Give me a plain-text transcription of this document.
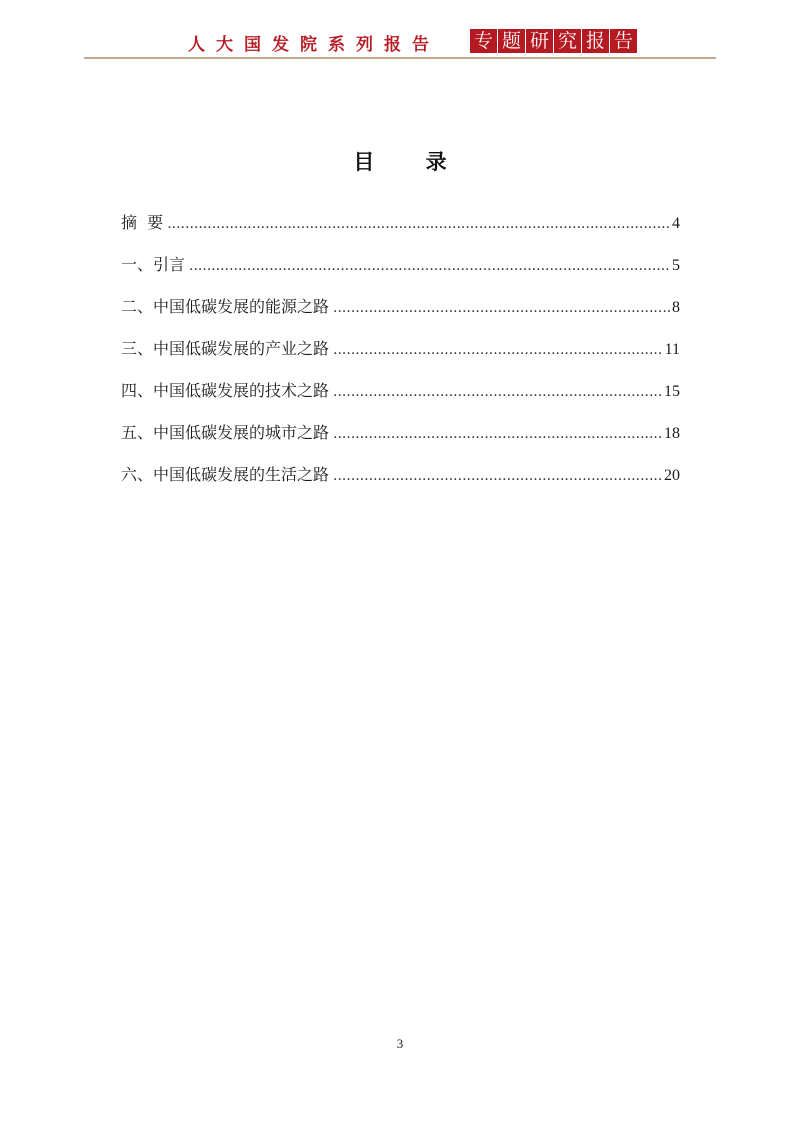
人大国发院系列报告 专 题 研 究 报 告
目 录
摘  要 .....	4
一、引言 .....	5
二、中国低碳发展的能源之路 .....	8
三、中国低碳发展的产业之路 .....	11
四、中国低碳发展的技术之路 .....	15
五、中国低碳发展的城市之路 .....	18
六、中国低碳发展的生活之路 .....	20
3
